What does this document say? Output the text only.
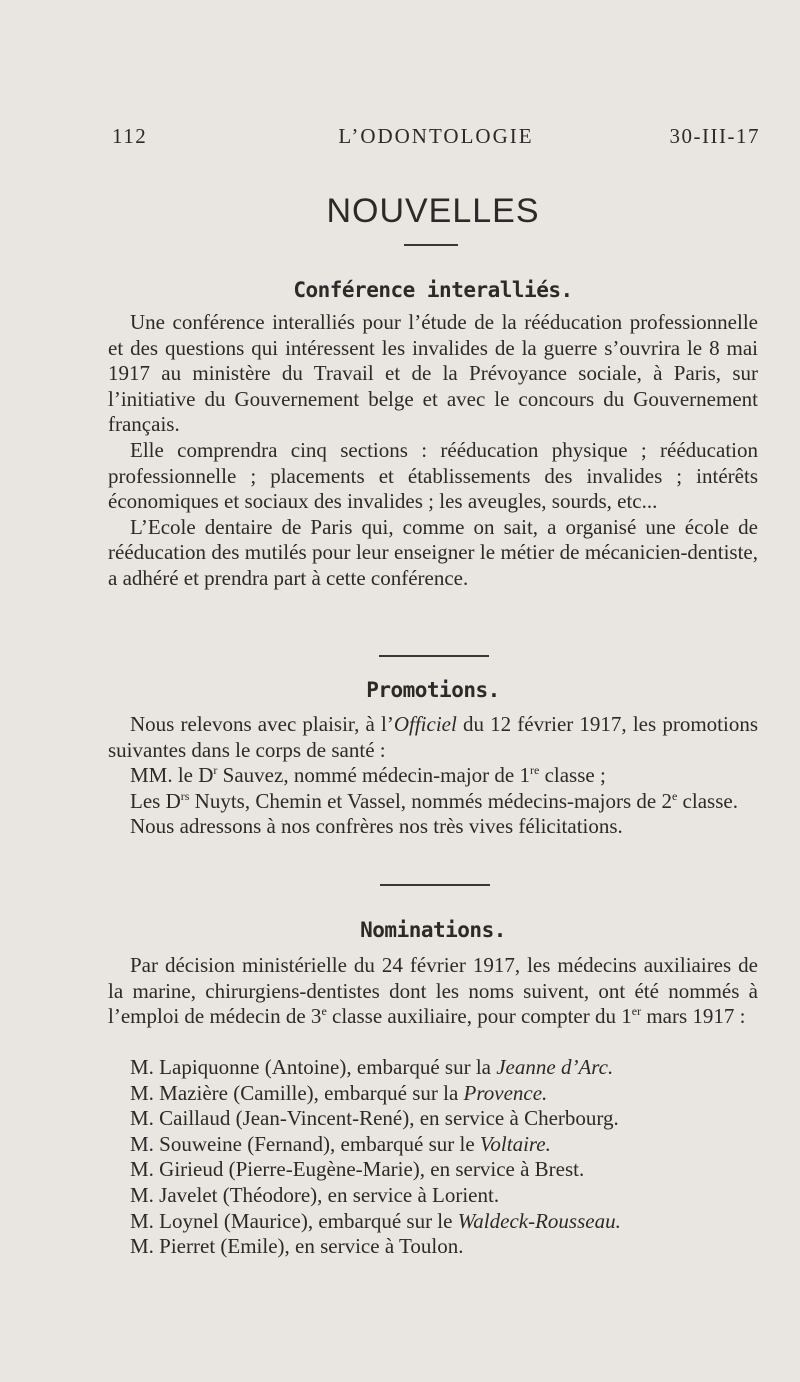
112	L’ODONTOLOGIE	30-III-17
NOUVELLES
Conférence interalliés.

Une conférence interalliés pour l’étude de la rééducation professionnelle et des questions qui intéressent les invalides de la guerre s’ouvrira le 8 mai 1917 au ministère du Travail et de la Prévoyance sociale, à Paris, sur l’initiative du Gouvernement belge et avec le concours du Gouvernement français.

Elle comprendra cinq sections : rééducation physique ; rééducation professionnelle ; placements et établissements des invalides ; intérêts économiques et sociaux des invalides ; les aveugles, sourds, etc...

L’Ecole dentaire de Paris qui, comme on sait, a organisé une école de rééducation des mutilés pour leur enseigner le métier de mécanicien-dentiste, a adhéré et prendra part à cette conférence.

Promotions.

Nous relevons avec plaisir, à l’Officiel du 12 février 1917, les promotions suivantes dans le corps de santé :

MM. le $D^r$ Sauvez, nommé médecin-major de 1re classe ;

Les $D^{rs}$ Nuyts, Chemin et Vassel, nommés médecins-majors de 2e classe.

Nous adressons à nos confrères nos très vives félicitations.

Nominations.

Par décision ministérielle du 24 février 1917, les médecins auxiliaires de la marine, chirurgiens-dentistes dont les noms suivent, ont été nommés à l’emploi de médecin de 3e classe auxiliaire, pour compter du 1er mars 1917 :

M. Lapiquonne (Antoine), embarqué sur la Jeanne d’Arc.
M. Mazière (Camille), embarqué sur la Provence.
M. Caillaud (Jean-Vincent-René), en service à Cherbourg.
M. Souweine (Fernand), embarqué sur le Voltaire.
M. Girieud (Pierre-Eugène-Marie), en service à Brest.
M. Javelet (Théodore), en service à Lorient.
M. Loynel (Maurice), embarqué sur le Waldeck-Rousseau.
M. Pierret (Emile), en service à Toulon.
